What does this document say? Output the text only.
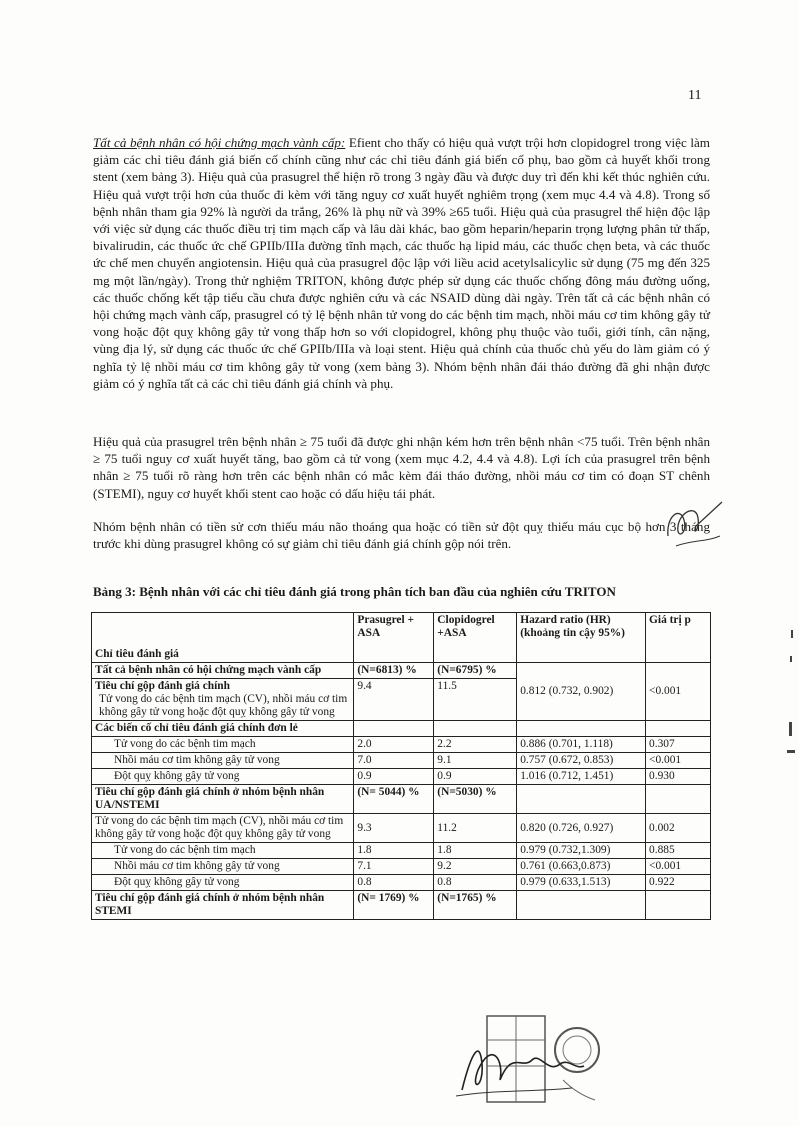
11

Tất cả bệnh nhân có hội chứng mạch vành cấp: Efient cho thấy có hiệu quả vượt trội hơn clopidogrel trong việc làm giảm các chỉ tiêu đánh giá biến cố chính cũng như các chỉ tiêu đánh giá biến cố phụ, bao gồm cả huyết khối trong stent (xem bảng 3). Hiệu quả của prasugrel thể hiện rõ trong 3 ngày đầu và được duy trì đến khi kết thúc nghiên cứu. Hiệu quả vượt trội hơn của thuốc đi kèm với tăng nguy cơ xuất huyết nghiêm trọng (xem mục 4.4 và 4.8). Trong số bệnh nhân tham gia 92% là người da trắng, 26% là phụ nữ và 39% ≥65 tuổi. Hiệu quả của prasugrel thể hiện độc lập với việc sử dụng các thuốc điều trị tim mạch cấp và lâu dài khác, bao gồm heparin/heparin trọng lượng phân tử thấp, bivalirudin, các thuốc ức chế GPIIb/IIIa đường tĩnh mạch, các thuốc hạ lipid máu, các thuốc chẹn beta, và các thuốc ức chế men chuyển angiotensin. Hiệu quả của prasugrel độc lập với liều acid acetylsalicylic sử dụng (75 mg đến 325 mg một lần/ngày). Trong thử nghiệm TRITON, không được phép sử dụng các thuốc chống đông máu đường uống, các thuốc chống kết tập tiểu cầu chưa được nghiên cứu và các NSAID dùng dài ngày. Trên tất cả các bệnh nhân có hội chứng mạch vành cấp, prasugrel có tỷ lệ bệnh nhân tử vong do các bệnh tim mạch, nhồi máu cơ tim không gây tử vong hoặc đột quỵ không gây tử vong thấp hơn so với clopidogrel, không phụ thuộc vào tuổi, giới tính, cân nặng, vùng địa lý, sử dụng các thuốc ức chế GPIIb/IIIa và loại stent. Hiệu quả chính của thuốc chủ yếu do làm giảm có ý nghĩa tỷ lệ nhồi máu cơ tim không gây tử vong (xem bảng 3). Nhóm bệnh nhân đái tháo đường đã ghi nhận được giảm có ý nghĩa tất cả các chỉ tiêu đánh giá chính và phụ.

Hiệu quả của prasugrel trên bệnh nhân ≥ 75 tuổi đã được ghi nhận kém hơn trên bệnh nhân <75 tuổi. Trên bệnh nhân ≥ 75 tuổi nguy cơ xuất huyết tăng, bao gồm cả tử vong (xem mục 4.2, 4.4 và 4.8). Lợi ích của prasugrel trên bệnh nhân ≥ 75 tuổi rõ ràng hơn trên các bệnh nhân có mắc kèm đái tháo đường, nhồi máu cơ tim có đoạn ST chênh (STEMI), nguy cơ huyết khối stent cao hoặc có dấu hiệu tái phát.

Nhóm bệnh nhân có tiền sử cơn thiếu máu não thoáng qua hoặc có tiền sử đột quỵ thiếu máu cục bộ hơn 3 tháng trước khi dùng prasugrel không có sự giảm chỉ tiêu đánh giá chính gộp nói trên.

Bảng 3: Bệnh nhân với các chỉ tiêu đánh giá trong phân tích ban đầu của nghiên cứu TRITON
Chỉ tiêu đánh giá	Prasugrel + ASA	Clopidogrel +ASA	Hazard ratio (HR) (khoảng tin cậy 95%)	Giá trị p
Tất cả bệnh nhân có hội chứng mạch vành cấp	(N=6813) %	(N=6795) %	0.812 (0.732, 0.902)	<0.001

Tiêu chí gộp đánh giá chính
Tử vong do các bệnh tim mạch (CV), nhồi máu cơ tim không gây tử vong hoặc đột quỵ không gây tử vong	9.4	11.5		
Các biến cố chỉ tiêu đánh giá chính đơn lẻ				
Tử vong do các bệnh tim mạch	2.0	2.2	0.886 (0.701, 1.118)	0.307
Nhồi máu cơ tim không gây tử vong	7.0	9.1	0.757 (0.672, 0.853)	<0.001
Đột quỵ không gây tử vong	0.9	0.9	1.016 (0.712, 1.451)	0.930
Tiêu chí gộp đánh giá chính ở nhóm bệnh nhân UA/NSTEMI	(N= 5044) %	(N=5030) %		
Tử vong do các bệnh tim mạch (CV), nhồi máu cơ tim không gây tử vong hoặc đột quỵ không gây tử vong	9.3	11.2	0.820 (0.726, 0.927)	0.002
Tử vong do các bệnh tim mạch	1.8	1.8	0.979 (0.732,1.309)	0.885
Nhồi máu cơ tim không gây tử vong	7.1	9.2	0.761 (0.663,0.873)	<0.001
Đột quỵ không gây tử vong	0.8	0.8	0.979 (0.633,1.513)	0.922
Tiêu chí gộp đánh giá chính ở nhóm bệnh nhân STEMI	(N= 1769) %	(N=1765) %		
